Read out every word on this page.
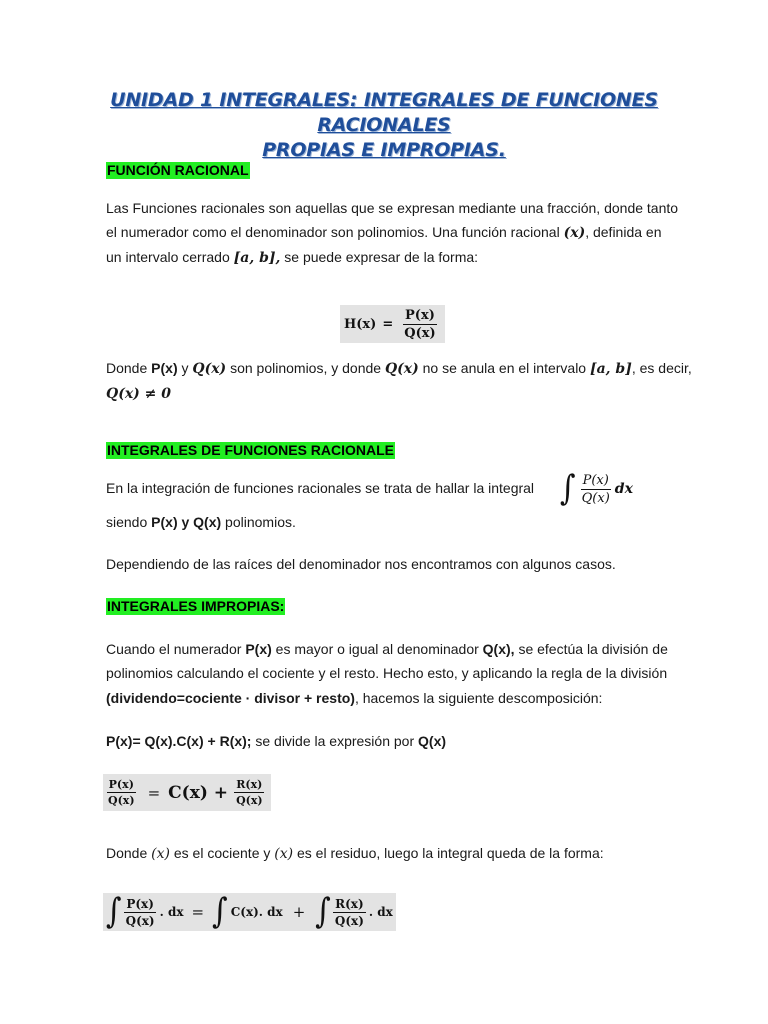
UNIDAD 1 INTEGRALES: INTEGRALES DE FUNCIONES RACIONALES
PROPIAS E IMPROPIAS.
FUNCIÓN RACIONAL
Las Funciones racionales son aquellas que se expresan mediante una fracción, donde tanto
el numerador como el denominador son polinomios. Una función racional (x), definida en
un intervalo cerrado [a, b], se puede expresar de la forma:
$H(x) = \frac{P(x)}{Q(x)}$
Donde P(x) y Q(x) son polinomios, y donde Q(x) no se anula en el intervalo [a, b], es decir,
Q(x) ≠ 0
INTEGRALES DE FUNCIONES RACIONALE
En la integración de funciones racionales se trata de hallar la integral ∫ $\frac{P(x)}{Q(x)}$ dx
siendo P(x) y Q(x) polinomios.
Dependiendo de las raíces del denominador nos encontramos con algunos casos.
INTEGRALES IMPROPIAS:
Cuando el numerador P(x) es mayor o igual al denominador Q(x), se efectúa la división de
polinomios calculando el cociente y el resto. Hecho esto, y aplicando la regla de la división
(dividendo=cociente · divisor + resto), hacemos la siguiente descomposición:
P(x)= Q(x).C(x) + R(x); se divide la expresión por Q(x)
$\frac{P(x)}{Q(x)} = C(x) + \frac{R(x)}{Q(x)}$
Donde (x) es el cociente y (x) es el residuo, luego la integral queda de la forma:
∫ $\frac{P(x)}{Q(x)}$ . dx = ∫ C(x). dx + ∫ $\frac{R(x)}{Q(x)}$ . dx
